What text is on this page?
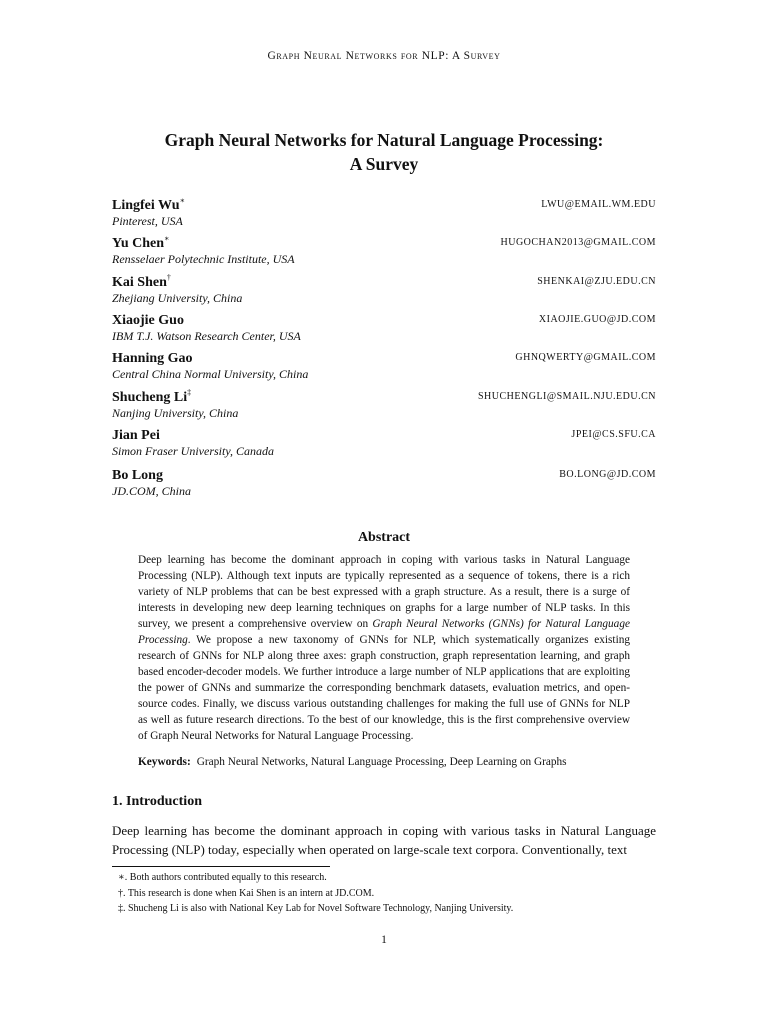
Graph Neural Networks for NLP: A Survey
Graph Neural Networks for Natural Language Processing:
A Survey
Lingfei Wu∗
Pinterest, USA
LWU@EMAIL.WM.EDU
Yu Chen∗
Rensselaer Polytechnic Institute, USA
HUGOCHAN2013@GMAIL.COM
Kai Shen†
Zhejiang University, China
SHENKAI@ZJU.EDU.CN
Xiaojie Guo
IBM T.J. Watson Research Center, USA
XIAOJIE.GUO@JD.COM
Hanning Gao
Central China Normal University, China
GHNQWERTY@GMAIL.COM
Shucheng Li‡
Nanjing University, China
SHUCHENGLI@SMAIL.NJU.EDU.CN
Jian Pei
Simon Fraser University, Canada
JPEI@CS.SFU.CA
Bo Long
JD.COM, China
BO.LONG@JD.COM
Abstract

Deep learning has become the dominant approach in coping with various tasks in Natural Language Processing (NLP). Although text inputs are typically represented as a sequence of tokens, there is a rich variety of NLP problems that can be best expressed with a graph structure. As a result, there is a surge of interests in developing new deep learning techniques on graphs for a large number of NLP tasks. In this survey, we present a comprehensive overview on Graph Neural Networks (GNNs) for Natural Language Processing. We propose a new taxonomy of GNNs for NLP, which systematically organizes existing research of GNNs for NLP along three axes: graph construction, graph representation learning, and graph based encoder-decoder models. We further introduce a large number of NLP applications that are exploiting the power of GNNs and summarize the corresponding benchmark datasets, evaluation metrics, and open-source codes. Finally, we discuss various outstanding challenges for making the full use of GNNs for NLP as well as future research directions. To the best of our knowledge, this is the first comprehensive overview of Graph Neural Networks for Natural Language Processing.

Keywords: Graph Neural Networks, Natural Language Processing, Deep Learning on Graphs
1. Introduction
Deep learning has become the dominant approach in coping with various tasks in Natural Language Processing (NLP) today, especially when operated on large-scale text corpora. Conventionally, text
∗. Both authors contributed equally to this research.
†. This research is done when Kai Shen is an intern at JD.COM.
‡. Shucheng Li is also with National Key Lab for Novel Software Technology, Nanjing University.
1
